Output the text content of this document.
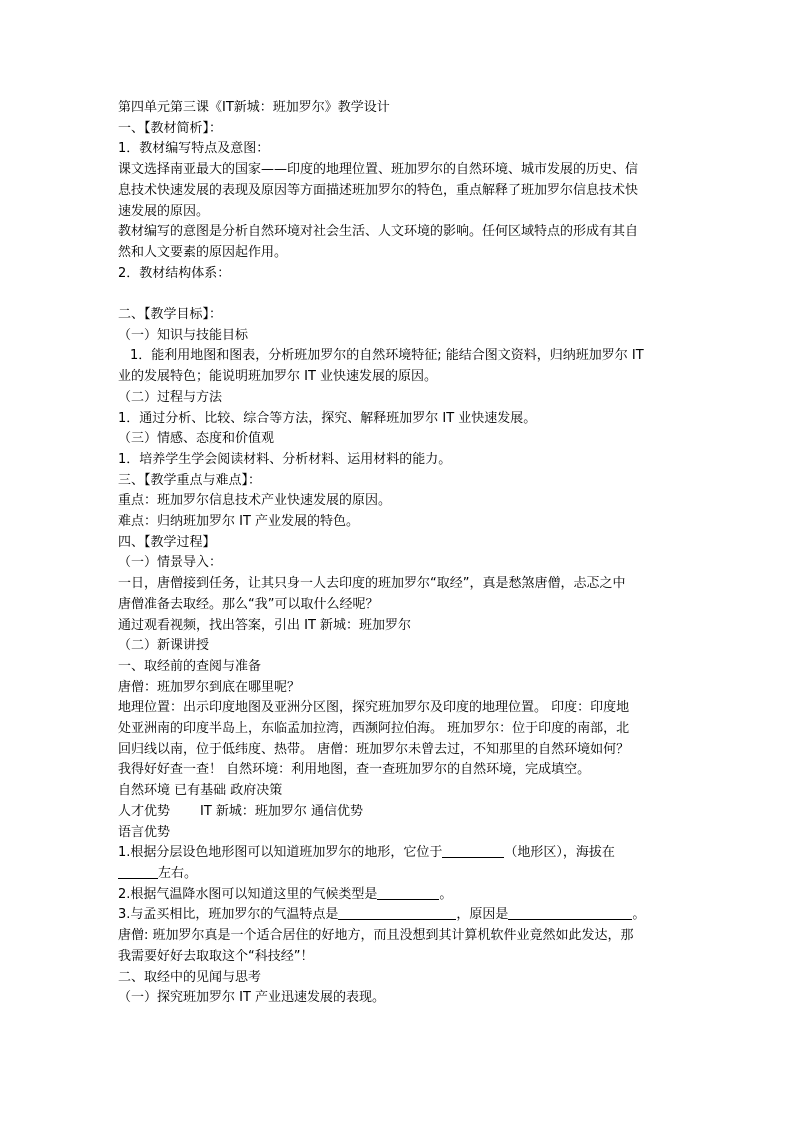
第四单元第三课《IT新城：班加罗尔》教学设计
一、【教材简析】：
1．教材编写特点及意图：
课文选择南亚最大的国家——印度的地理位置、班加罗尔的自然环境、城市发展的历史、信
息技术快速发展的表现及原因等方面描述班加罗尔的特色，重点解释了班加罗尔信息技术快
速发展的原因。
教材编写的意图是分析自然环境对社会生活、人文环境的影响。任何区域特点的形成有其自
然和人文要素的原因起作用。
2．教材结构体系：
二、【教学目标】：
（一）知识与技能目标
1．能利用地图和图表，分析班加罗尔的自然环境特征; 能结合图文资料，归纳班加罗尔 IT
业的发展特色；能说明班加罗尔 IT 业快速发展的原因。
（二）过程与方法
1．通过分析、比较、综合等方法，探究、解释班加罗尔 IT 业快速发展。
（三）情感、态度和价值观
1．培养学生学会阅读材料、分析材料、运用材料的能力。
三、【教学重点与难点】：
重点：班加罗尔信息技术产业快速发展的原因。
难点：归纳班加罗尔 IT 产业发展的特色。
四、【教学过程】
（一）情景导入：
一日，唐僧接到任务，让其只身一人去印度的班加罗尔“取经”，真是愁煞唐僧，忐忑之中
唐僧准备去取经。那么“我”可以取什么经呢？
通过观看视频，找出答案，引出 IT 新城：班加罗尔
（二）新课讲授
一、取经前的查阅与准备
唐僧：班加罗尔到底在哪里呢？
地理位置：出示印度地图及亚洲分区图，探究班加罗尔及印度的地理位置。 印度：印度地
处亚洲南的印度半岛上，东临孟加拉湾，西濒阿拉伯海。 班加罗尔：位于印度的南部，北
回归线以南，位于低纬度、热带。 唐僧：班加罗尔未曾去过，不知那里的自然环境如何？
我得好好查一查！ 自然环境：利用地图，查一查班加罗尔的自然环境，完成填空。
自然环境 已有基础 政府决策
人才优势 IT 新城：班加罗尔 通信优势
语言优势
1.根据分层设色地形图可以知道班加罗尔的地形，它位于	（地形区），海拔在
左右。
2.根据气温降水图可以知道这里的气候类型是	。
3.与孟买相比，班加罗尔的气温特点是	，原因是	。
唐僧: 班加罗尔真是一个适合居住的好地方，而且没想到其计算机软件业竟然如此发达，那
我需要好好去取取这个“科技经”！
二、取经中的见闻与思考
（一）探究班加罗尔 IT 产业迅速发展的表现。
